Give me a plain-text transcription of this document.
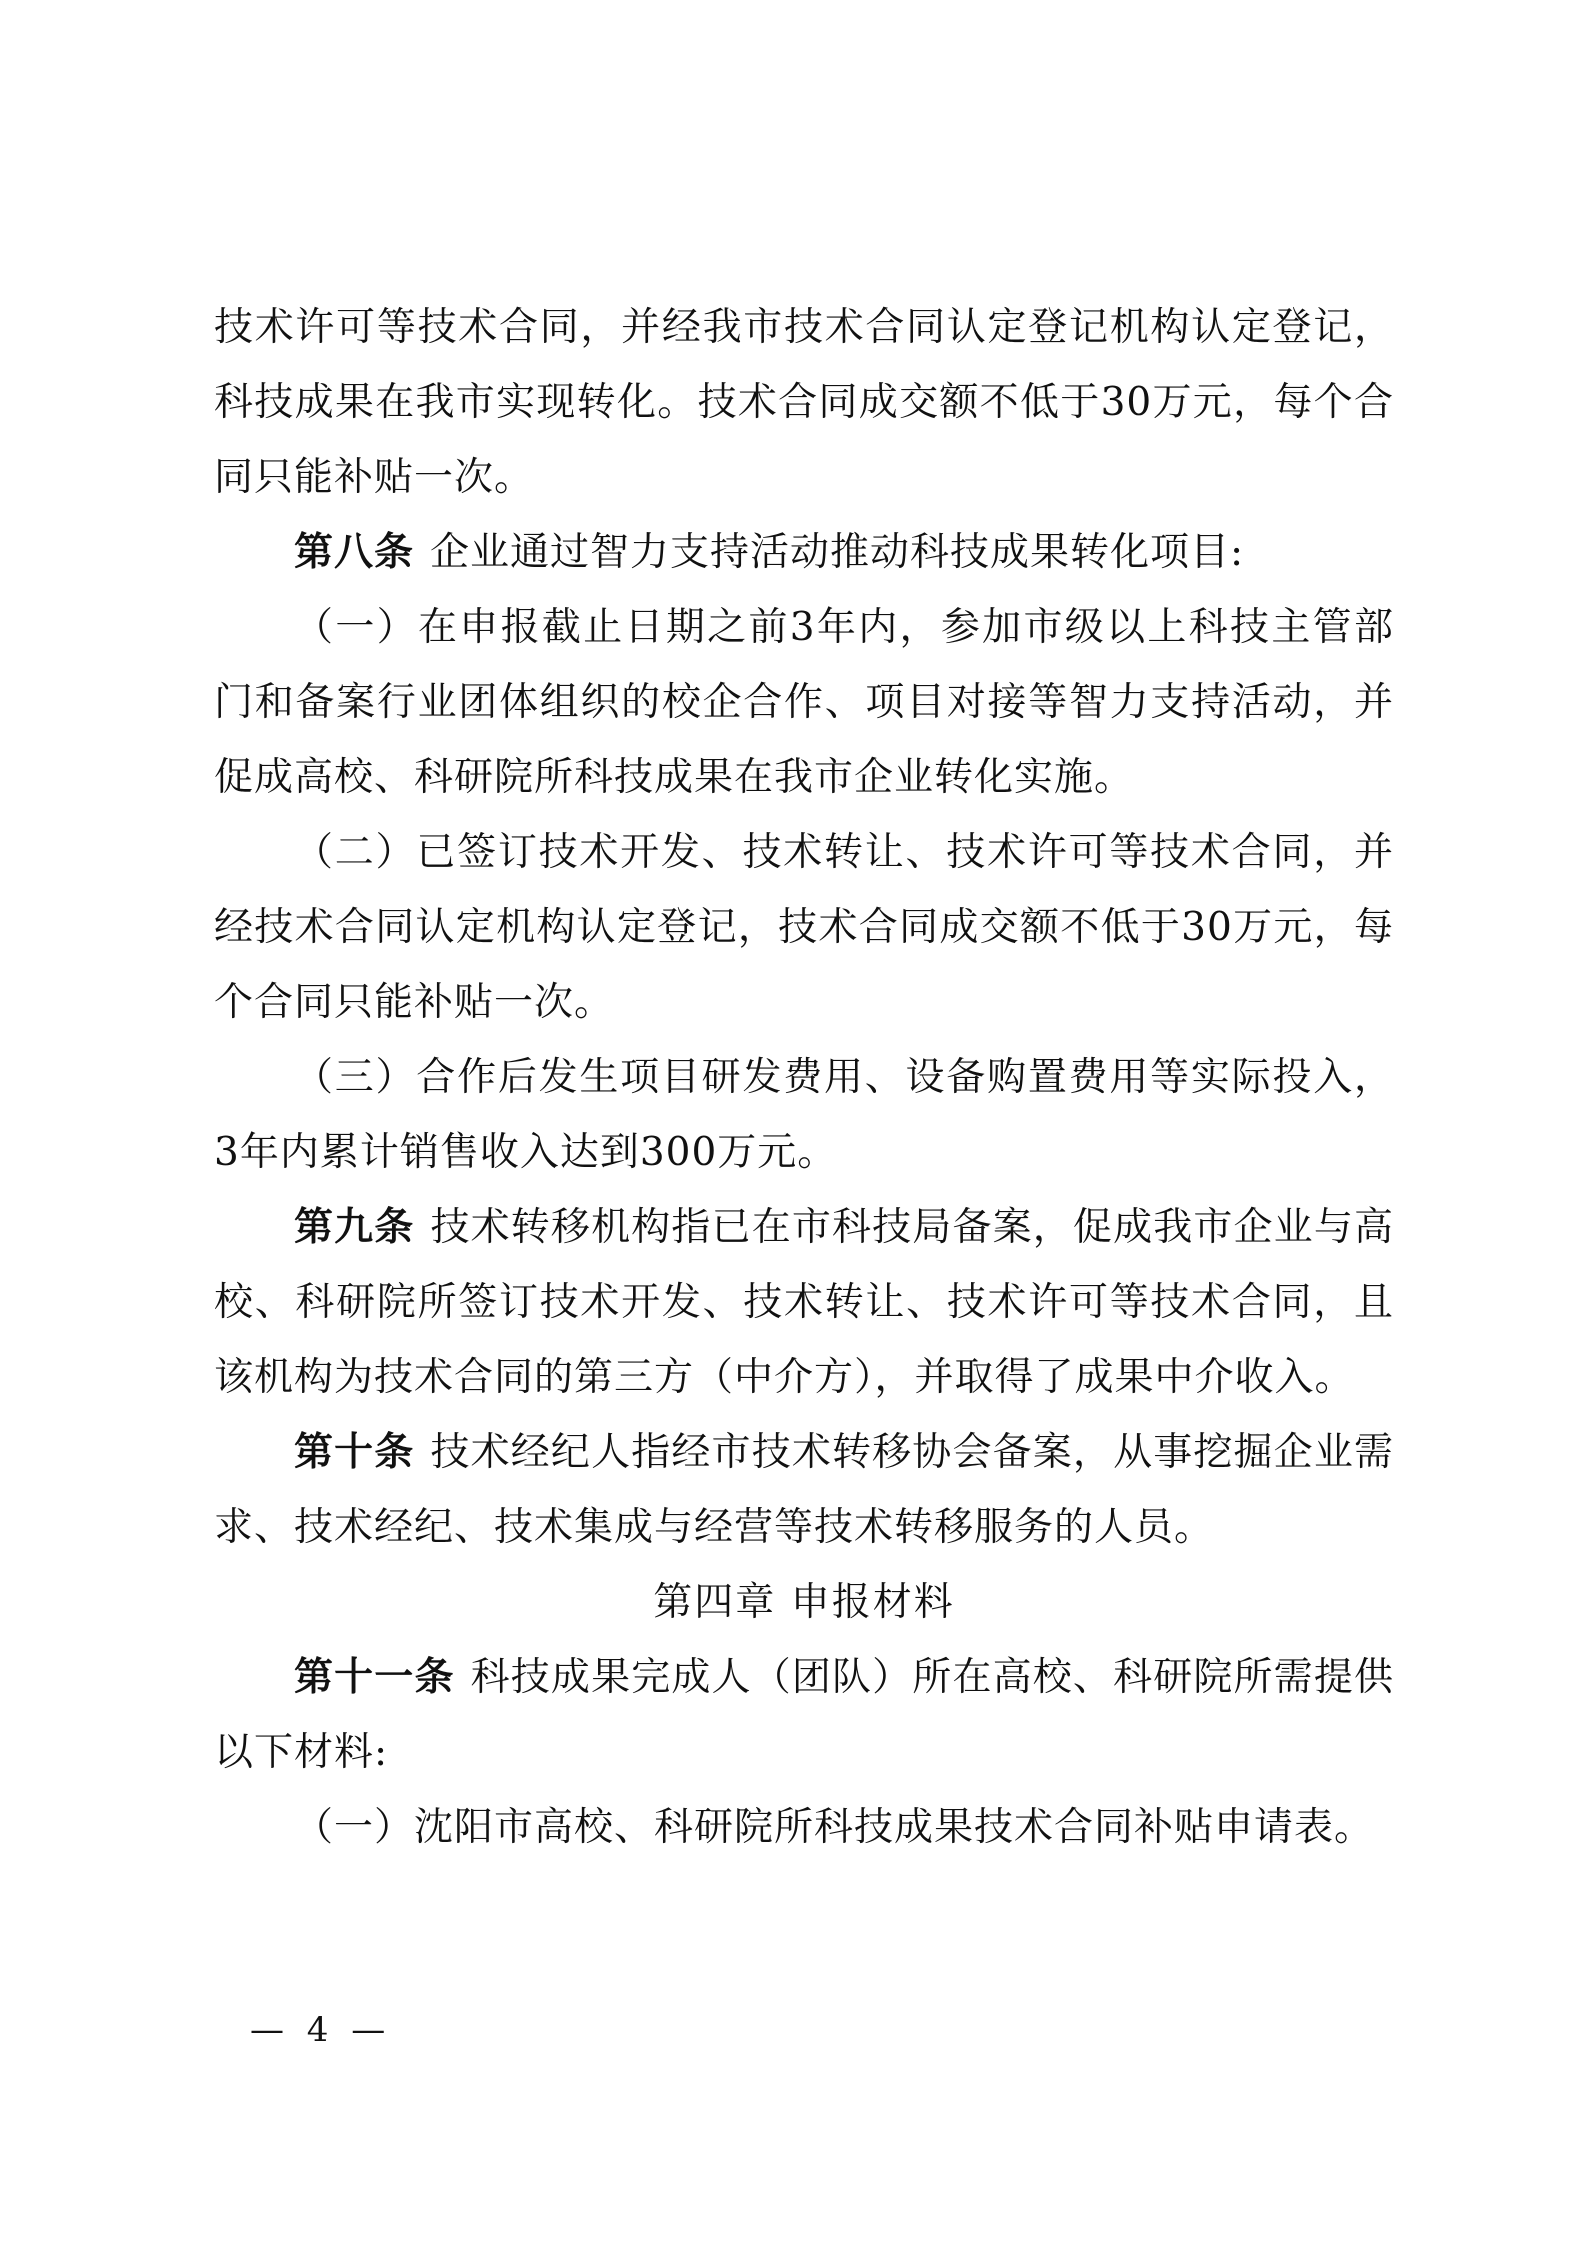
技术许可等技术合同，并经我市技术合同认定登记机构认定登记，科技成果在我市实现转化。技术合同成交额不低于30万元，每个合同只能补贴一次。

第八条 企业通过智力支持活动推动科技成果转化项目:

（一）在申报截止日期之前3年内，参加市级以上科技主管部门和备案行业团体组织的校企合作、项目对接等智力支持活动，并促成高校、科研院所科技成果在我市企业转化实施。

（二）已签订技术开发、技术转让、技术许可等技术合同，并经技术合同认定机构认定登记，技术合同成交额不低于30万元，每个合同只能补贴一次。

（三）合作后发生项目研发费用、设备购置费用等实际投入，3年内累计销售收入达到300万元。

第九条 技术转移机构指已在市科技局备案，促成我市企业与高校、科研院所签订技术开发、技术转让、技术许可等技术合同，且该机构为技术合同的第三方（中介方），并取得了成果中介收入。

第十条 技术经纪人指经市技术转移协会备案，从事挖掘企业需求、技术经纪、技术集成与经营等技术转移服务的人员。

第四章 申报材料

第十一条 科技成果完成人（团队）所在高校、科研院所需提供以下材料:

（一）沈阳市高校、科研院所科技成果技术合同补贴申请表。

— 4 —
